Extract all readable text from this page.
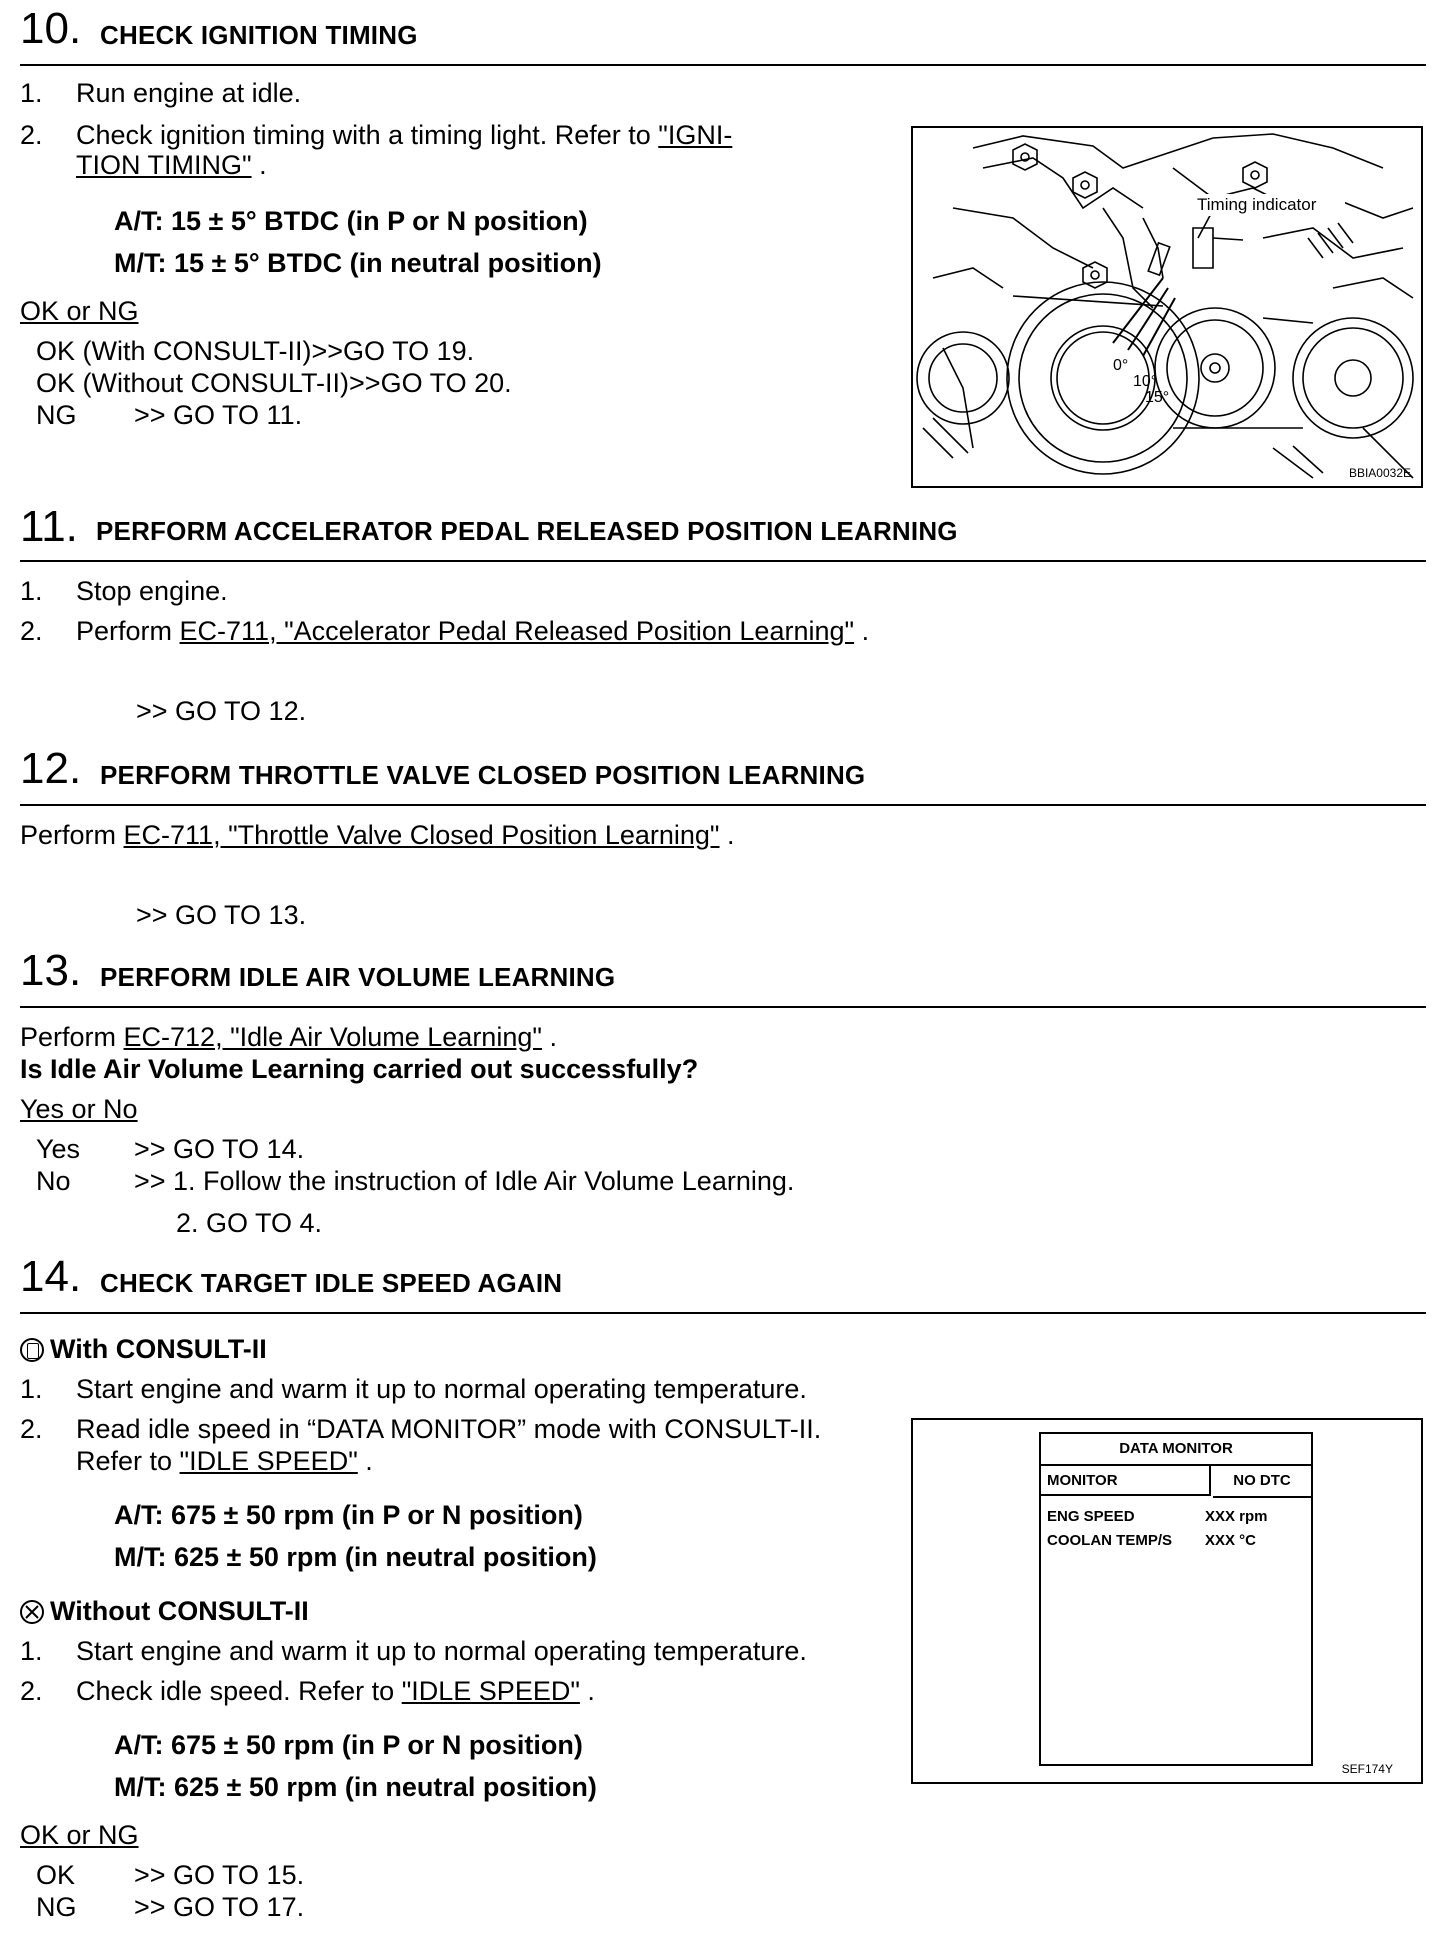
10. CHECK IGNITION TIMING
1. Run engine at idle.
2. Check ignition timing with a timing light. Refer to "IGNI-
TION TIMING" .
A/T: 15 ± 5° BTDC (in P or N position)
M/T: 15 ± 5° BTDC (in neutral position)
OK or NG
OK (With CONSULT-II)>>GO TO 19.
OK (Without CONSULT-II)>>GO TO 20.
NG >> GO TO 11.
0°
10°
15°
Timing indicator
BBIA0032E
11. PERFORM ACCELERATOR PEDAL RELEASED POSITION LEARNING
1. Stop engine.
2. Perform EC-711, "Accelerator Pedal Released Position Learning" .
>> GO TO 12.
12. PERFORM THROTTLE VALVE CLOSED POSITION LEARNING
Perform EC-711, "Throttle Valve Closed Position Learning" .
>> GO TO 13.
13. PERFORM IDLE AIR VOLUME LEARNING
Perform EC-712, "Idle Air Volume Learning" .
Is Idle Air Volume Learning carried out successfully?
Yes or No
Yes >> GO TO 14.
No >> 1. Follow the instruction of Idle Air Volume Learning.
2. GO TO 4.
14. CHECK TARGET IDLE SPEED AGAIN
With CONSULT-II
1. Start engine and warm it up to normal operating temperature.
2. Read idle speed in “DATA MONITOR” mode with CONSULT-II.
Refer to "IDLE SPEED" .
A/T: 675 ± 50 rpm (in P or N position)
M/T: 625 ± 50 rpm (in neutral position)
Without CONSULT-II
1. Start engine and warm it up to normal operating temperature.
2. Check idle speed. Refer to "IDLE SPEED" .
A/T: 675 ± 50 rpm (in P or N position)
M/T: 625 ± 50 rpm (in neutral position)
OK or NG
OK >> GO TO 15.
NG >> GO TO 17.
DATA MONITOR
MONITOR	NO DTC
ENG SPEED	XXX rpm
COOLAN TEMP/S XXX °C
SEF174Y
